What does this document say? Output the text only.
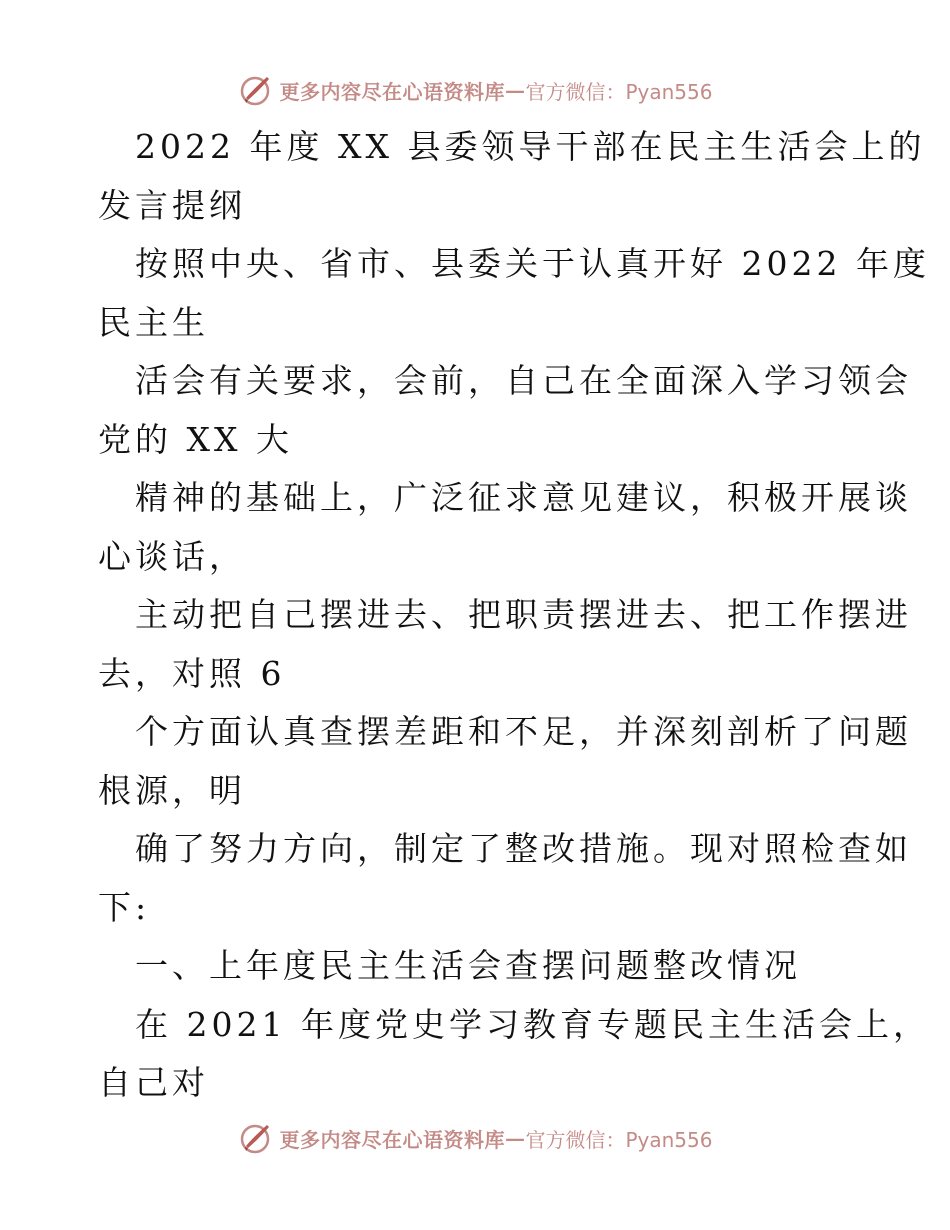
更多内容尽在心语资料库 — 官方微信：Pyan556
2022 年度 XX 县委领导干部在民主生活会上的
发言提纲
按照中央、省市、县委关于认真开好 2022 年度
民主生
活会有关要求，会前，自己在全面深入学习领会
党的 XX 大
精神的基础上，广泛征求意见建议，积极开展谈
心谈话，
主动把自己摆进去、把职责摆进去、把工作摆进
去，对照 6
个方面认真查摆差距和不足，并深刻剖析了问题
根源，明
确了努力方向，制定了整改措施。现对照检查如
下:
一、上年度民主生活会查摆问题整改情况
在 2021 年度党史学习教育专题民主生活会上，
自己对
更多内容尽在心语资料库 — 官方微信：Pyan556
